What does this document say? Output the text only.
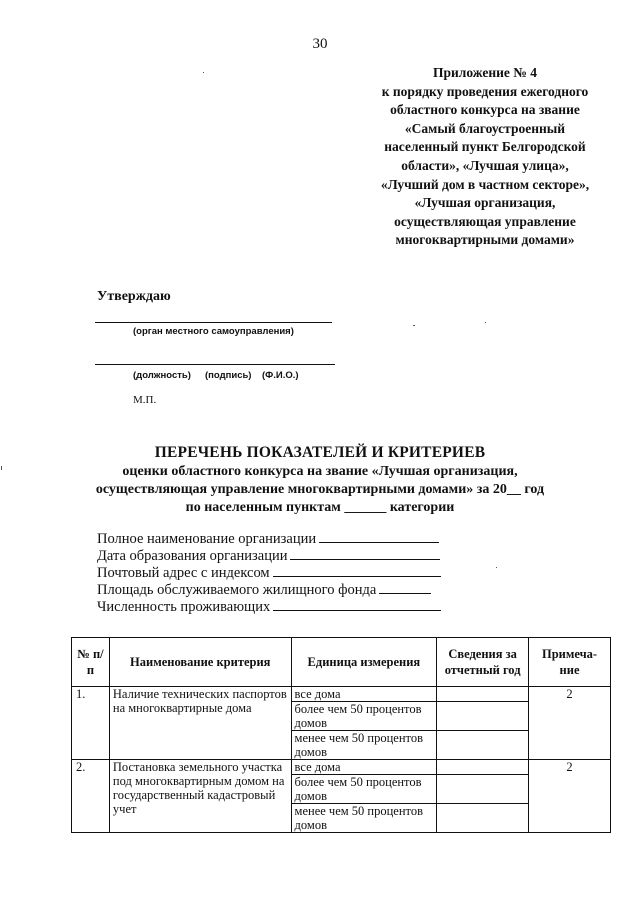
30
Приложение № 4
к порядку проведения ежегодного
областного конкурса на звание
«Самый благоустроенный
населенный пункт Белгородской
области», «Лучшая улица»,
«Лучший дом в частном секторе»,
«Лучшая организация,
осуществляющая управление
многоквартирными домами»
Утверждаю
(орган местного самоуправления)
(должность) (подпись) (Ф.И.О.)
М.П.
ПЕРЕЧЕНЬ ПОКАЗАТЕЛЕЙ И КРИТЕРИЕВ
оценки областного конкурса на звание «Лучшая организация,
осуществляющая управление многоквартирными домами» за 20__ год
по населенным пунктам ______ категории
Полное наименование организации
Дата образования организации
Почтовый адрес с индексом
Площадь обслуживаемого жилищного фонда
Численность проживающих
№ п/п	Наименование критерия	Единица измерения	Сведения за отчетный год	Примеча-ние
1.	Наличие технических паспортов на многоквартирные дома	все дома		2
		более чем 50 процентов домов		
		менее чем 50 процентов домов		
2.	Постановка земельного участка под многоквартирным домом на государственный кадастровый учет	все дома		2
		более чем 50 процентов домов		
		менее чем 50 процентов домов		
